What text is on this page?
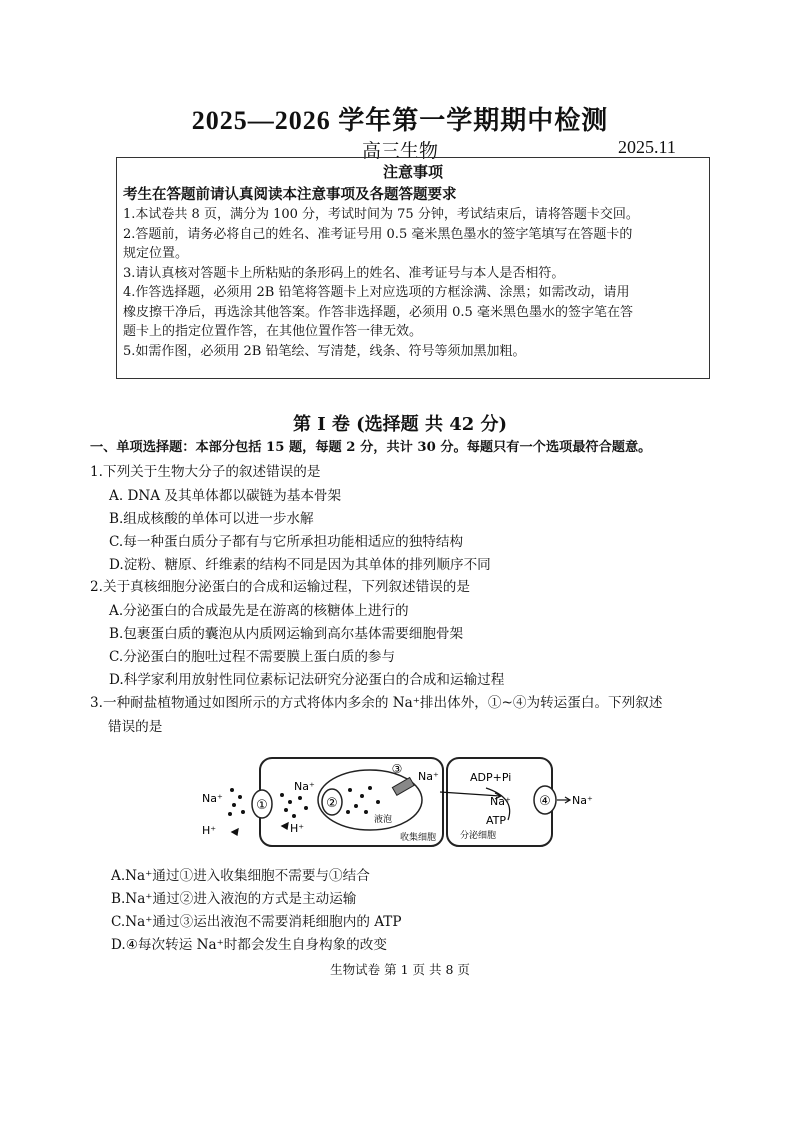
2025—2026 学年第一学期期中检测
高三生物	2025.11
注意事项
考生在答题前请认真阅读本注意事项及各题答题要求
1.本试卷共 8 页，满分为 100 分，考试时间为 75 分钟，考试结束后，请将答题卡交回。
2.答题前，请务必将自己的姓名、准考证号用 0.5 毫米黑色墨水的签字笔填写在答题卡的
规定位置。
3.请认真核对答题卡上所粘贴的条形码上的姓名、准考证号与本人是否相符。
4.作答选择题，必须用 2B 铅笔将答题卡上对应选项的方框涂满、涂黑；如需改动，请用
橡皮擦干净后，再选涂其他答案。作答非选择题，必须用 0.5 毫米黑色墨水的签字笔在答
题卡上的指定位置作答，在其他位置作答一律无效。
5.如需作图，必须用 2B 铅笔绘、写清楚，线条、符号等须加黑加粗。
第 I 卷 (选择题 共 42 分)
一、单项选择题：本部分包括 15 题，每题 2 分，共计 30 分。每题只有一个选项最符合题意。
1.下列关于生物大分子的叙述错误的是
A. DNA 及其单体都以碳链为基本骨架
B.组成核酸的单体可以进一步水解
C.每一种蛋白质分子都有与它所承担功能相适应的独特结构
D.淀粉、糖原、纤维素的结构不同是因为其单体的排列顺序不同
2.关于真核细胞分泌蛋白的合成和运输过程，下列叙述错误的是
A.分泌蛋白的合成最先是在游离的核糖体上进行的
B.包裹蛋白质的囊泡从内质网运输到高尔基体需要细胞骨架
C.分泌蛋白的胞吐过程不需要膜上蛋白质的参与
D.科学家利用放射性同位素标记法研究分泌蛋白的合成和运输过程
3.一种耐盐植物通过如图所示的方式将体内多余的 Na⁺排出体外，①~④为转运蛋白。下列叙述
错误的是
①	②
③
④
Na⁺
H⁺
Na⁺
H⁺
Na⁺	ADP+Pi
Na⁺
ATP
Na⁺
液泡
收集细胞	分泌细胞
A.Na⁺通过①进入收集细胞不需要与①结合
B.Na⁺通过②进入液泡的方式是主动运输
C.Na⁺通过③运出液泡不需要消耗细胞内的 ATP
D.④每次转运 Na⁺时都会发生自身构象的改变
生物试卷 第 1 页 共 8 页
